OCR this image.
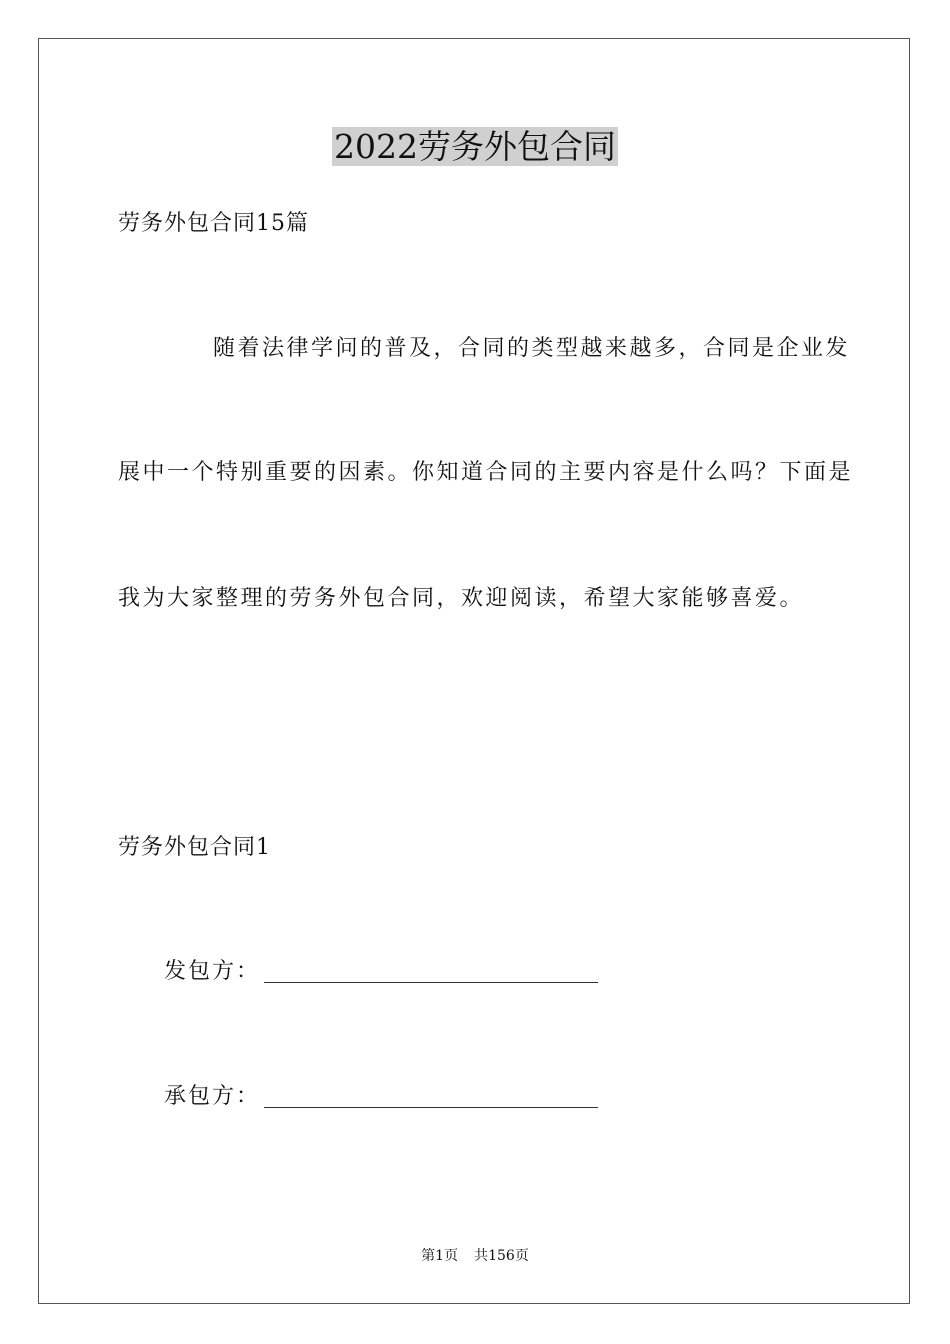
2022劳务外包合同
劳务外包合同15篇
随着法律学问的普及，合同的类型越来越多，合同是企业发
展中一个特别重要的因素。你知道合同的主要内容是什么吗？下面是
我为大家整理的劳务外包合同，欢迎阅读，希望大家能够喜爱。
劳务外包合同1
发包方：
承包方：
第1页 共156页
